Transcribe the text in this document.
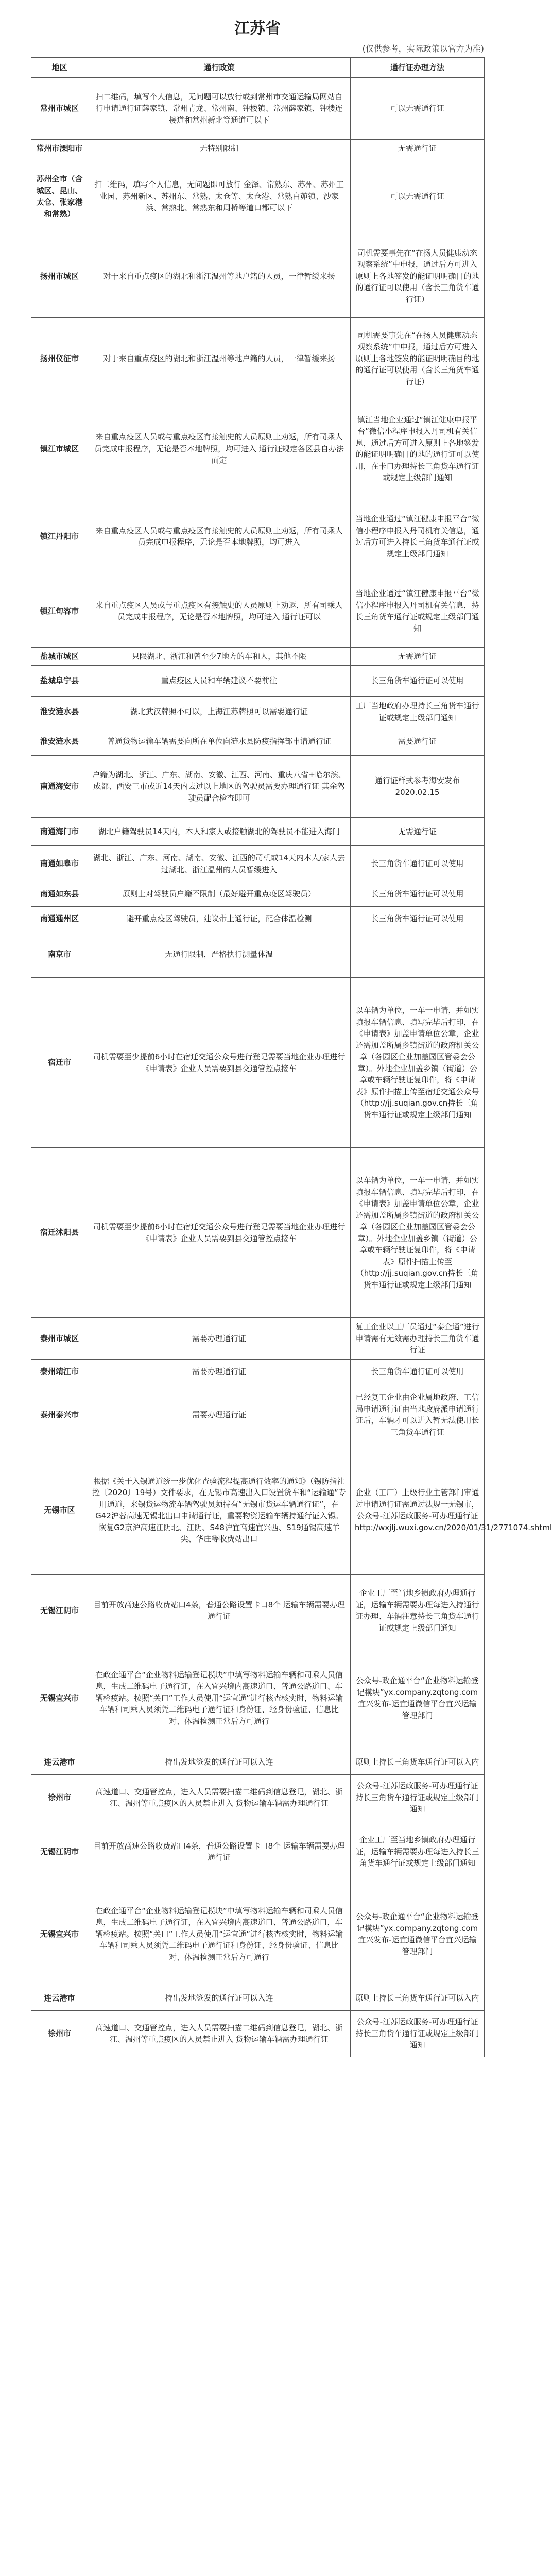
江苏省
(仅供参考，实际政策以官方为准)
地区	通行政策	通行证办理方法
常州市城区	扫二维码，填写个人信息，无问题可以放行或到常州市交通运输局网站自行申请通行证薛家镇、常州青龙、常州南、钟楼镇、常州薛家镇、钟楼连接道和常州新北等通道可以下	可以无需通行证
常州市溧阳市	无特别限制	无需通行证
苏州全市（含城区、昆山、太仓、张家港和常熟）	扫二维码，填写个人信息，无问题即可放行 金泽、常熟东、苏州、苏州工业园、苏州新区、苏州东、常熟、太仓等、太仓港、常熟白茆镇、沙家浜、常熟北、常熟东和周桥等道口都可以下	可以无需通行证
扬州市城区	对于来自重点疫区的湖北和浙江温州等地户籍的人员，一律暂缓来扬	司机需要事先在“在扬人员健康动态观察系统”中申报，通过后方可进入原则上各地签发的能证明明确目的地的通行证可以使用（含长三角货车通行证）
扬州仪征市	对于来自重点疫区的湖北和浙江温州等地户籍的人员，一律暂缓来扬	司机需要事先在“在扬人员健康动态观察系统”中申报，通过后方可进入原则上各地签发的能证明明确目的地的通行证可以使用（含长三角货车通行证）
镇江市城区	来自重点疫区人员或与重点疫区有接触史的人员原则上劝返，所有司乘人员完成申报程序，无论是否本地牌照，均可进入 通行证规定各区县自办法而定	镇江当地企业通过“镇江健康申报平台”微信小程序申报入丹司机有关信息，通过后方可进入原则上各地签发的能证明明确目的地的通行证可以使用，在卡口办理持长三角货车通行证或规定上级部门通知
镇江丹阳市	来自重点疫区人员或与重点疫区有接触史的人员原则上劝返，所有司乘人员完成申报程序，无论是否本地牌照，均可进入	当地企业通过“镇江健康申报平台”微信小程序申报入丹司机有关信息，通过后方可进入持长三角货车通行证或规定上级部门通知
镇江句容市	来自重点疫区人员或与重点疫区有接触史的人员原则上劝返，所有司乘人员完成申报程序，无论是否本地牌照，均可进入 通行证可以	当地企业通过“镇江健康申报平台”微信小程序申报入丹司机有关信息，持长三角货车通行证或规定上级部门通知
盐城市城区	只限湖北、浙江和曾至少7地方的车和人，其他不限	无需通行证
盐城阜宁县	重点疫区人员和车辆建议不要前往	长三角货车通行证可以使用
淮安涟水县	湖北武汉牌照不可以，上海江苏牌照可以需要通行证	工厂当地政府办理持长三角货车通行证或规定上级部门通知
淮安涟水县	普通货物运输车辆需要向所在单位向涟水县防疫指挥部申请通行证	需要通行证
南通海安市	户籍为湖北、浙江、广东、湖南、安徽、江西、河南、重庆八省+哈尔滨、成都、西安三市或近14天内去过以上地区的驾驶员需要办理通行证 其余驾驶员配合检查即可	通行证样式参考海安发布 2020.02.15
南通海门市	湖北户籍驾驶员14天内，本人和家人或接触湖北的驾驶员不能进入海门	无需通行证
南通如皋市	湖北、浙江、广东、河南、湖南、安徽、江西的司机或14天内本人/家人去过湖北、浙江温州的人员暂缓进入	长三角货车通行证可以使用
南通如东县	原则上对驾驶员户籍不限制（最好避开重点疫区驾驶员）	长三角货车通行证可以使用
南通通州区	避开重点疫区驾驶员，建议带上通行证，配合体温检测	长三角货车通行证可以使用
南京市	无通行限制，严格执行测量体温	
宿迁市	司机需要至少提前6小时在宿迁交通公众号进行登记需要当地企业办理进行《申请表》企业人员需要到县交通管控点接车	以车辆为单位，一车一申请，并如实填报车辆信息、填写完毕后打印，在《申请表》加盖申请单位公章，企业还需加盖所属乡镇街道的政府机关公章（各园区企业加盖园区管委会公章）。外地企业加盖乡镇（街道）公章或车辆行驶证复印件，将《申请表》原件扫描上传至宿迁交通公众号（http://jj.suqian.gov.cn持长三角货车通行证或规定上级部门通知
宿迁沭阳县	司机需要至少提前6小时在宿迁交通公众号进行登记需要当地企业办理进行《申请表》企业人员需要到县交通管控点接车	以车辆为单位，一车一申请，并如实填报车辆信息、填写完毕后打印，在《申请表》加盖申请单位公章，企业还需加盖所属乡镇街道的政府机关公章（各园区企业加盖园区管委会公章）。外地企业加盖乡镇（街道）公章或车辆行驶证复印件，将《申请表》原件扫描上传至（http://jj.suqian.gov.cn持长三角货车通行证或规定上级部门通知
泰州市城区	需要办理通行证	复工企业以工厂员通过“泰企通”进行申请需有无效需办理持长三角货车通行证
泰州靖江市	需要办理通行证	长三角货车通行证可以使用
泰州泰兴市	需要办理通行证	已经复工企业由企业属地政府、工信局申请通行证由当地政府派申请通行证后，车辆才可以进入暂无法使用长三角货车通行证
无锡市区	根据《关于入锡通道统一步优化查验流程提高通行效率的通知》（锡防指社控〔2020〕19号）文件要求，在无锡市高速出入口设置货车和“运输通”专用通道，来锡货运物流车辆驾驶员须持有“无锡市货运车辆通行证”，在G42沪蓉高速无锡北出口申请通行证，重要物资运输车辆持通行证入锡。恢复G2京沪高速江阴北、江阴、S48沪宜高速宜兴西、S19通锡高速羊尖、华庄等收费站出口	企业（工厂）上级行业主管部门审通过申请通行证需通过法规一无锡市，公众号-江苏运政服务-可办理通行证http://wxjlj.wuxi.gov.cn/2020/01/31/2771074.shtml
无锡江阴市	目前开放高速公路收费站口4条，普通公路设置卡口8个 运输车辆需要办理通行证	企业工厂至当地乡镇政府办理通行证，运输车辆需要办理每进入持通行证办理、车辆注意持长三角货车通行证或规定上级部门通知
无锡宜兴市	在政企通平台“企业物料运输登记模块”中填写物料运输车辆和司乘人员信息，生成二维码电子通行证，在入宜兴境内高速道口、普通公路道口、车辆检疫站。按照“关口”工作人员使用“运宜通”进行核查核实时，物料运输车辆和司乘人员须凭二维码电子通行证和身份证、经身份验证、信息比对、体温检测正常后方可通行	公众号-政企通平台“企业物料运输登记模块”yx.company.zqtong.com宜兴发布-运宜通微信平台宜兴运输管理部门
连云港市	持出发地签发的通行证可以入连	原则上持长三角货车通行证可以入内
徐州市	高速道口、交通管控点，进入人员需要扫描二维码到信息登记，湖北、浙江、温州等重点疫区的人员禁止进入 货物运输车辆需办理通行证	公众号-江苏运政服务-可办理通行证持长三角货车通行证或规定上级部门通知
无锡江阴市	目前开放高速公路收费站口4条，普通公路设置卡口8个 运输车辆需要办理通行证	企业工厂至当地乡镇政府办理通行证，运输车辆需要办理每进入持长三角货车通行证或规定上级部门通知
无锡宜兴市	在政企通平台“企业物料运输登记模块”中填写物料运输车辆和司乘人员信息，生成二维码电子通行证，在入宜兴境内高速道口、普通公路道口，车辆检疫站。按照“关口”工作人员使用“运宜通”进行核查核实时，物料运输车辆和司乘人员须凭二维码电子通行证和身份证、经身份验证、信息比对、体温检测正常后方可通行	公众号-政企通平台“企业物料运输登记模块”yx.company.zqtong.com宜兴发布-运宜通微信平台宜兴运输管理部门
连云港市	持出发地签发的通行证可以入连	原则上持长三角货车通行证可以入内
徐州市	高速道口、交通管控点，进入人员需要扫描二维码到信息登记，湖北、浙江、温州等重点疫区的人员禁止进入 货物运输车辆需办理通行证	公众号-江苏运政服务-可办理通行证持长三角货车通行证或规定上级部门通知
